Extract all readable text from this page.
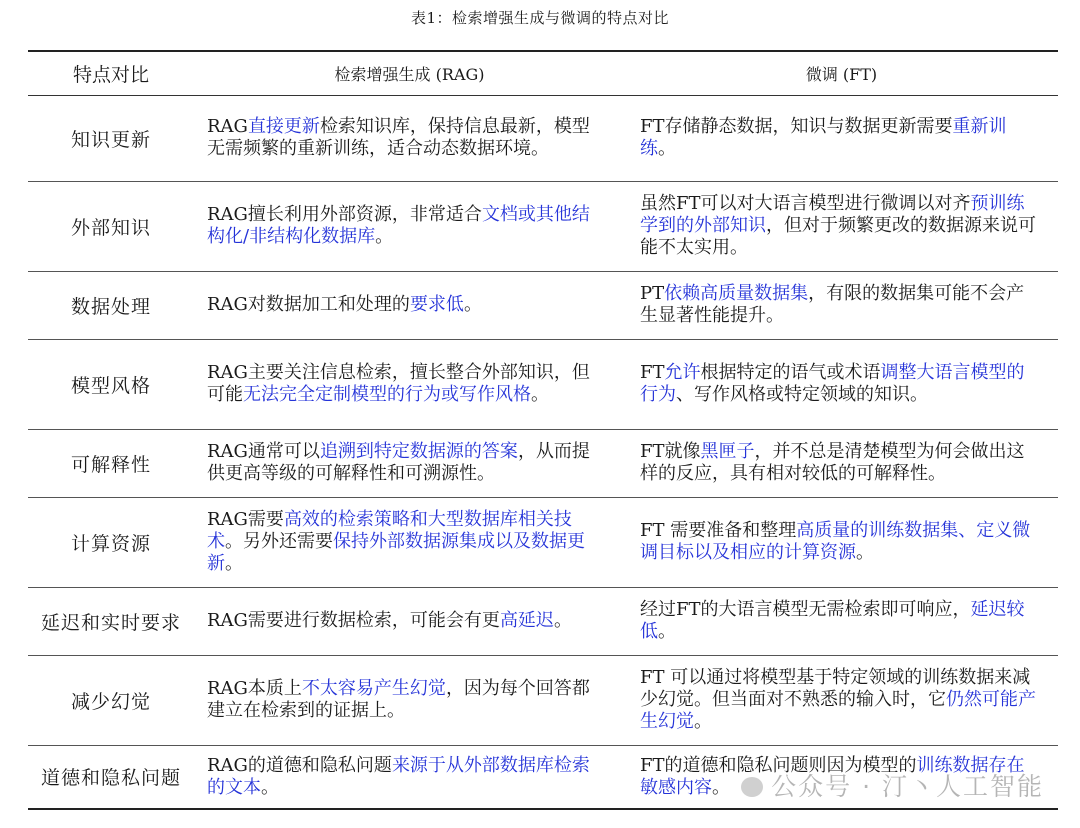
表1：检索增强生成与微调的特点对比
特点对比	检索增强生成 (RAG)	微调 (FT)
知识更新	RAG直接更新检索知识库，保持信息最新，模型无需频繁的重新训练，适合动态数据环境。	FT存储静态数据，知识与数据更新需要重新训练。
外部知识	RAG擅长利用外部资源，非常适合文档或其他结构化/非结构化数据库。	虽然FT可以对大语言模型进行微调以对齐预训练学到的外部知识，但对于频繁更改的数据源来说可能不太实用。
数据处理	RAG对数据加工和处理的要求低。	PT依赖高质量数据集，有限的数据集可能不会产生显著性能提升。
模型风格	RAG主要关注信息检索，擅长整合外部知识，但可能无法完全定制模型的行为或写作风格。	FT允许根据特定的语气或术语调整大语言模型的行为、写作风格或特定领域的知识。
可解释性	RAG通常可以追溯到特定数据源的答案，从而提供更高等级的可解释性和可溯源性。	FT就像黑匣子，并不总是清楚模型为何会做出这样的反应，具有相对较低的可解释性。
计算资源	RAG需要高效的检索策略和大型数据库相关技术。另外还需要保持外部数据源集成以及数据更新。	FT 需要准备和整理高质量的训练数据集、定义微调目标以及相应的计算资源。
延迟和实时要求	RAG需要进行数据检索，可能会有更高延迟。	经过FT的大语言模型无需检索即可响应，延迟较低。
减少幻觉	RAG本质上不太容易产生幻觉，因为每个回答都建立在检索到的证据上。	FT 可以通过将模型基于特定领域的训练数据来减少幻觉。但当面对不熟悉的输入时，它仍然可能产生幻觉。
道德和隐私问题	RAG的道德和隐私问题来源于从外部数据库检索的文本。	FT的道德和隐私问题则因为模型的训练数据存在敏感内容。	公众号 · 汀丶人工智能
